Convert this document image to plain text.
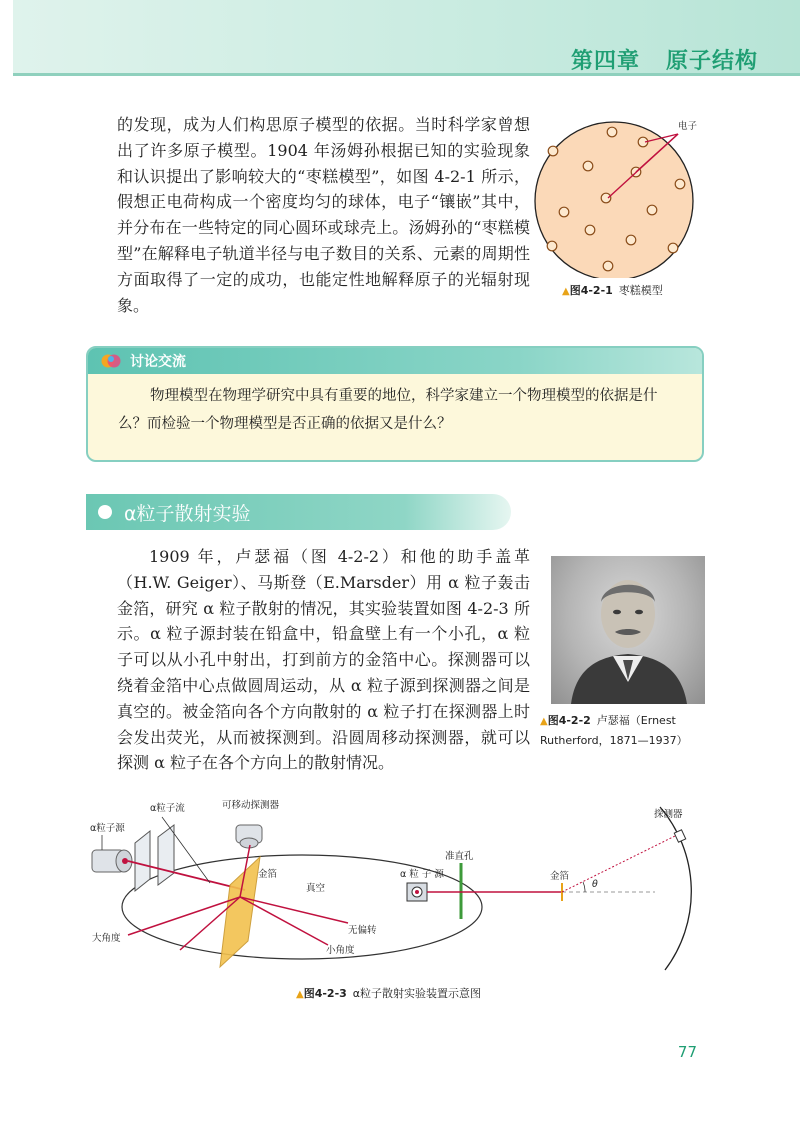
第四章 原子结构

的发现，成为人们构思原子模型的依据。当时科学家曾想出了许多原子模型。1904 年汤姆孙根据已知的实验现象和认识提出了影响较大的“枣糕模型”，如图 4-2-1 所示，假想正电荷构成一个密度均匀的球体，电子“镶嵌”其中，并分布在一些特定的同心圆环或球壳上。汤姆孙的“枣糕模型”在解释电子轨道半径与电子数目的关系、元素的周期性方面取得了一定的成功，也能定性地解释原子的光辐射现象。

电子
▲图4-2-1 枣糕模型
讨论交流

物理模型在物理学研究中具有重要的地位，科学家建立一个物理模型的依据是什么？而检验一个物理模型是否正确的依据又是什么？

α粒子散射实验

1909 年，卢瑟福（图 4-2-2）和他的助手盖革（H.W. Geiger）、马斯登（E.Marsder）用 α 粒子轰击金箔，研究 α 粒子散射的情况，其实验装置如图 4-2-3 所示。α 粒子源封装在铅盒中，铅盒壁上有一个小孔，α 粒子可以从小孔中射出，打到前方的金箔中心。探测器可以绕着金箔中心点做圆周运动，从 α 粒子源到探测器之间是真空的。被金箔向各个方向散射的 α 粒子打在探测器上时会发出荧光，从而被探测到。沿圆周移动探测器，就可以探测 α 粒子在各个方向上的散射情况。

▲图4-2-2 卢瑟福（Ernest Rutherford，1871—1937）
α粒子流	可移动探测器
α粒子源
金箔
真空
无偏转
大角度
小角度
α 粒 子 源
准直孔
金箔
θ
探测器
▲图4-2-3 α粒子散射实验装置示意图
77
